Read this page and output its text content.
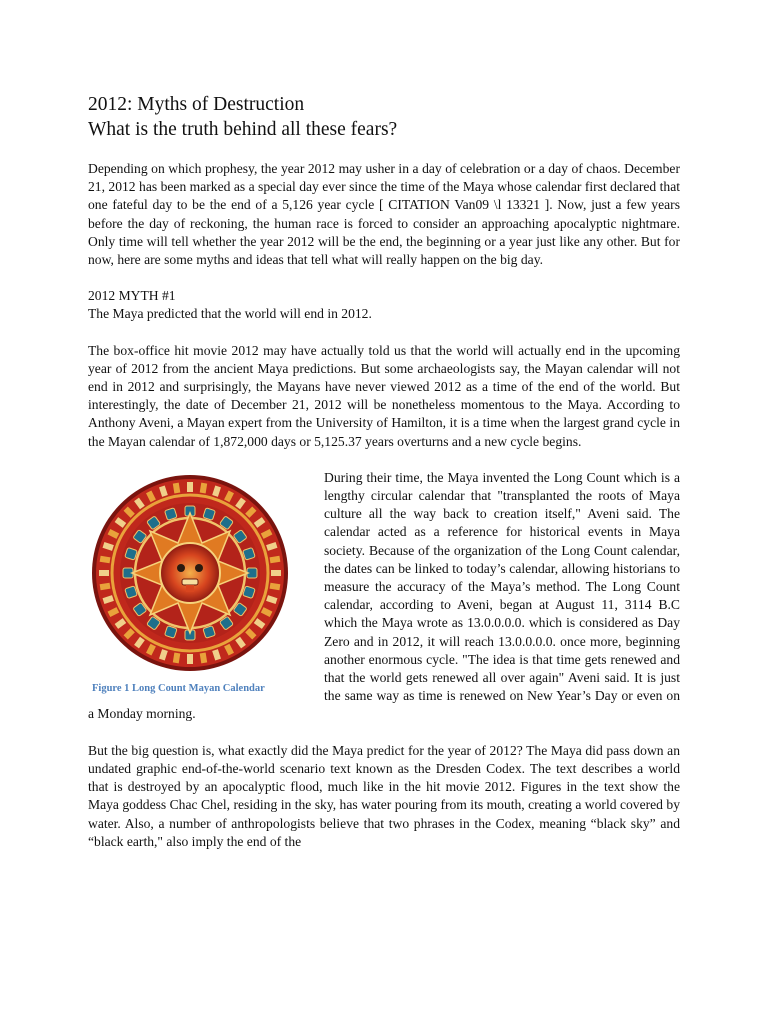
2012: Myths of Destruction
What is the truth behind all these fears?

Depending on which prophesy, the year 2012 may usher in a day of celebration or a day of chaos. December 21, 2012 has been marked as a special day ever since the time of the Maya whose calendar first declared that one fateful day to be the end of a 5,126 year cycle [ CITATION Van09 \l 13321 ]. Now, just a few years before the day of reckoning, the human race is forced to consider an approaching apocalyptic nightmare. Only time will tell whether the year 2012 will be the end, the beginning or a year just like any other. But for now, here are some myths and ideas that tell what will really happen on the big day.

2012 MYTH #1

The Maya predicted that the world will end in 2012.

The box-office hit movie 2012 may have actually told us that the world will actually end in the upcoming year of 2012 from the ancient Maya predictions. But some archaeologists say, the Mayan calendar will not end in 2012 and surprisingly, the Mayans have never viewed 2012 as a time of the end of the world. But interestingly, the date of December 21, 2012 will be nonetheless momentous to the Maya. According to Anthony Aveni, a Mayan expert from the University of Hamilton, it is a time when the largest grand cycle in the Mayan calendar of 1,872,000 days or 5,125.37 years overturns and a new cycle begins.

Figure 1 Long Count Mayan Calendar

During their time, the Maya invented the Long Count which is a lengthy circular calendar that "transplanted the roots of Maya culture all the way back to creation itself," Aveni said. The calendar acted as a reference for historical events in Maya society. Because of the organization of the Long Count calendar, the dates can be linked to today’s calendar, allowing historians to measure the accuracy of the Maya’s method. The Long Count calendar, according to Aveni, began at August 11, 3114 B.C which the Maya wrote as 13.0.0.0.0. which is considered as Day Zero and in 2012, it will reach 13.0.0.0.0. once more, beginning another enormous cycle. "The idea is that time gets renewed and that the world gets renewed all over again" Aveni said. It is just the same way as time is renewed on New Year’s Day or even on a Monday morning.

But the big question is, what exactly did the Maya predict for the year of 2012? The Maya did pass down an undated graphic end-of-the-world scenario text known as the Dresden Codex. The text describes a world that is destroyed by an apocalyptic flood, much like in the hit movie 2012. Figures in the text show the Maya goddess Chac Chel, residing in the sky, has water pouring from its mouth, creating a world covered by water. Also, a number of anthropologists believe that two phrases in the Codex, meaning “black sky” and “black earth," also imply the end of the
